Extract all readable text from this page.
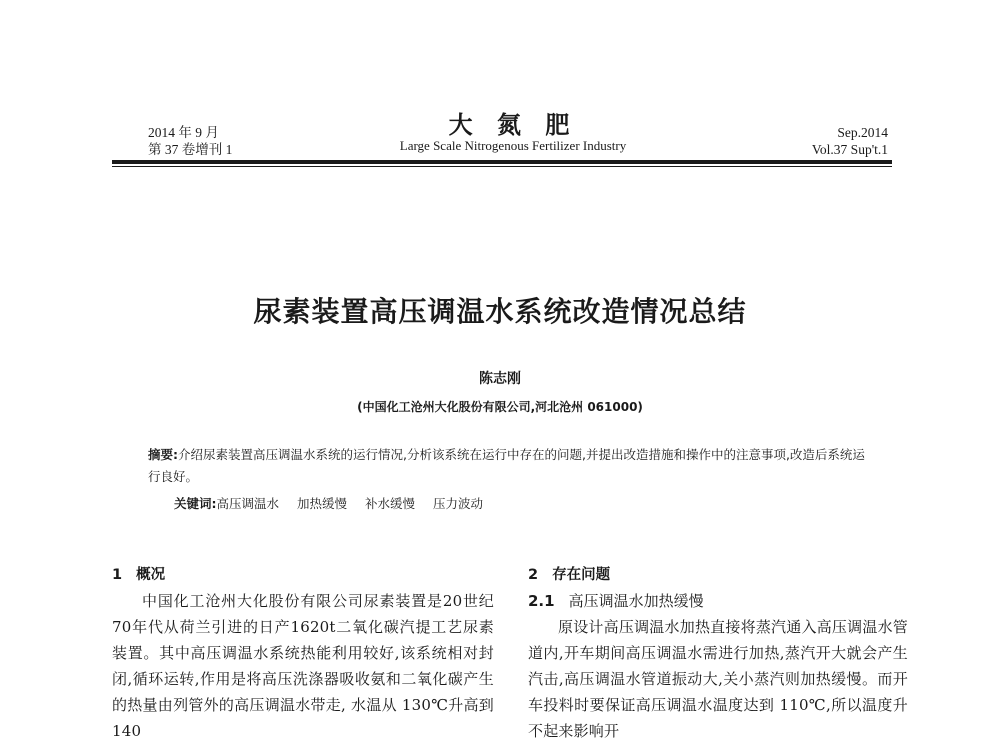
2014 年 9 月
第 37 卷增刊 1
大 氮 肥
Large Scale Nitrogenous Fertilizer Industry
Sep.2014
Vol.37 Sup't.1
尿素装置高压调温水系统改造情况总结
陈志刚
(中国化工沧州大化股份有限公司,河北沧州 061000)
摘要:介绍尿素装置高压调温水系统的运行情况,分析该系统在运行中存在的问题,并提出改造措施和操作中的注意事项,改造后系统运行良好。
关键词:高压调温水 加热缓慢 补水缓慢 压力波动
1 概况

中国化工沧州大化股份有限公司尿素装置是20世纪70年代从荷兰引进的日产1620t二氧化碳汽提工艺尿素装置。其中高压调温水系统热能利用较好,该系统相对封闭,循环运转,作用是将高压洗涤器吸收氨和二氧化碳产生的热量由列管外的高压调温水带走, 水温从 130℃升高到 140

2 存在问题
2.1 高压调温水加热缓慢

原设计高压调温水加热直接将蒸汽通入高压调温水管道内,开车期间高压调温水需进行加热,蒸汽开大就会产生汽击,高压调温水管道振动大,关小蒸汽则加热缓慢。而开车投料时要保证高压调温水温度达到 110℃,所以温度升不起来影响开
